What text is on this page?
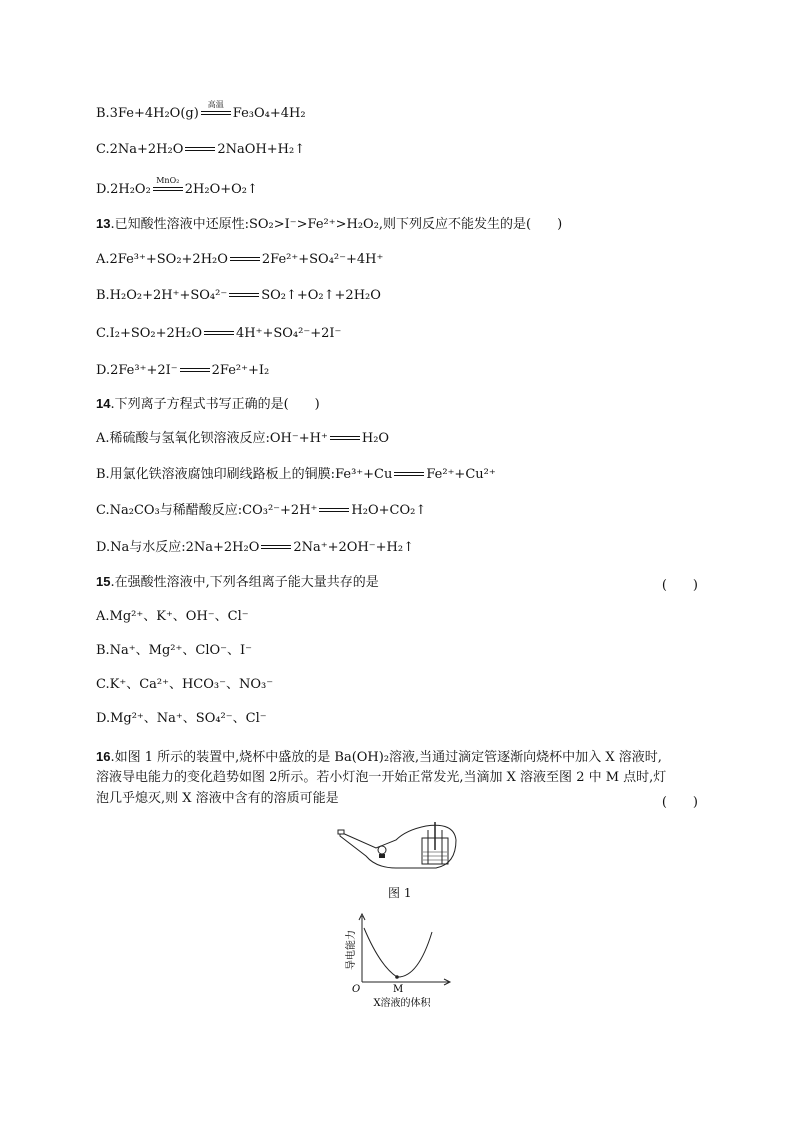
B.3Fe+4H₂O(g)
高温
Fe₃O₄+4H₂
C.2Na+2H₂O	2NaOH+H₂↑
D.2H₂O₂
MnO₂
2H₂O+O₂↑
13.已知酸性溶液中还原性:SO₂>I⁻>Fe²⁺>H₂O₂,则下列反应不能发生的是(　　)
A.2Fe³⁺+SO₂+2H₂O	2Fe²⁺+SO₄²⁻+4H⁺
B.H₂O₂+2H⁺+SO₄²⁻	SO₂↑+O₂↑+2H₂O
C.I₂+SO₂+2H₂O	4H⁺+SO₄²⁻+2I⁻
D.2Fe³⁺+2I⁻	2Fe²⁺+I₂
14.下列离子方程式书写正确的是(　　)
A.稀硫酸与氢氧化钡溶液反应:OH⁻+H⁺	H₂O
B.用氯化铁溶液腐蚀印刷线路板上的铜膜:Fe³⁺+Cu	Fe²⁺+Cu²⁺
C.Na₂CO₃与稀醋酸反应:CO₃²⁻+2H⁺	H₂O+CO₂↑
D.Na与水反应:2Na+2H₂O	2Na⁺+2OH⁻+H₂↑
15.在强酸性溶液中,下列各组离子能大量共存的是	(　　)
A.Mg²⁺、K⁺、OH⁻、Cl⁻
B.Na⁺、Mg²⁺、ClO⁻、I⁻
C.K⁺、Ca²⁺、HCO₃⁻、NO₃⁻
D.Mg²⁺、Na⁺、SO₄²⁻、Cl⁻
16.如图 1 所示的装置中,烧杯中盛放的是 Ba(OH)₂溶液,当通过滴定管逐渐向烧杯中加入 X 溶液时,
溶液导电能力的变化趋势如图 2所示。若小灯泡一开始正常发光,当滴加 X 溶液至图 2 中 M 点时,灯
泡几乎熄灭,则 X 溶液中含有的溶质可能是	(　　)
图 1
导电能力
O	M
X溶液的体积
